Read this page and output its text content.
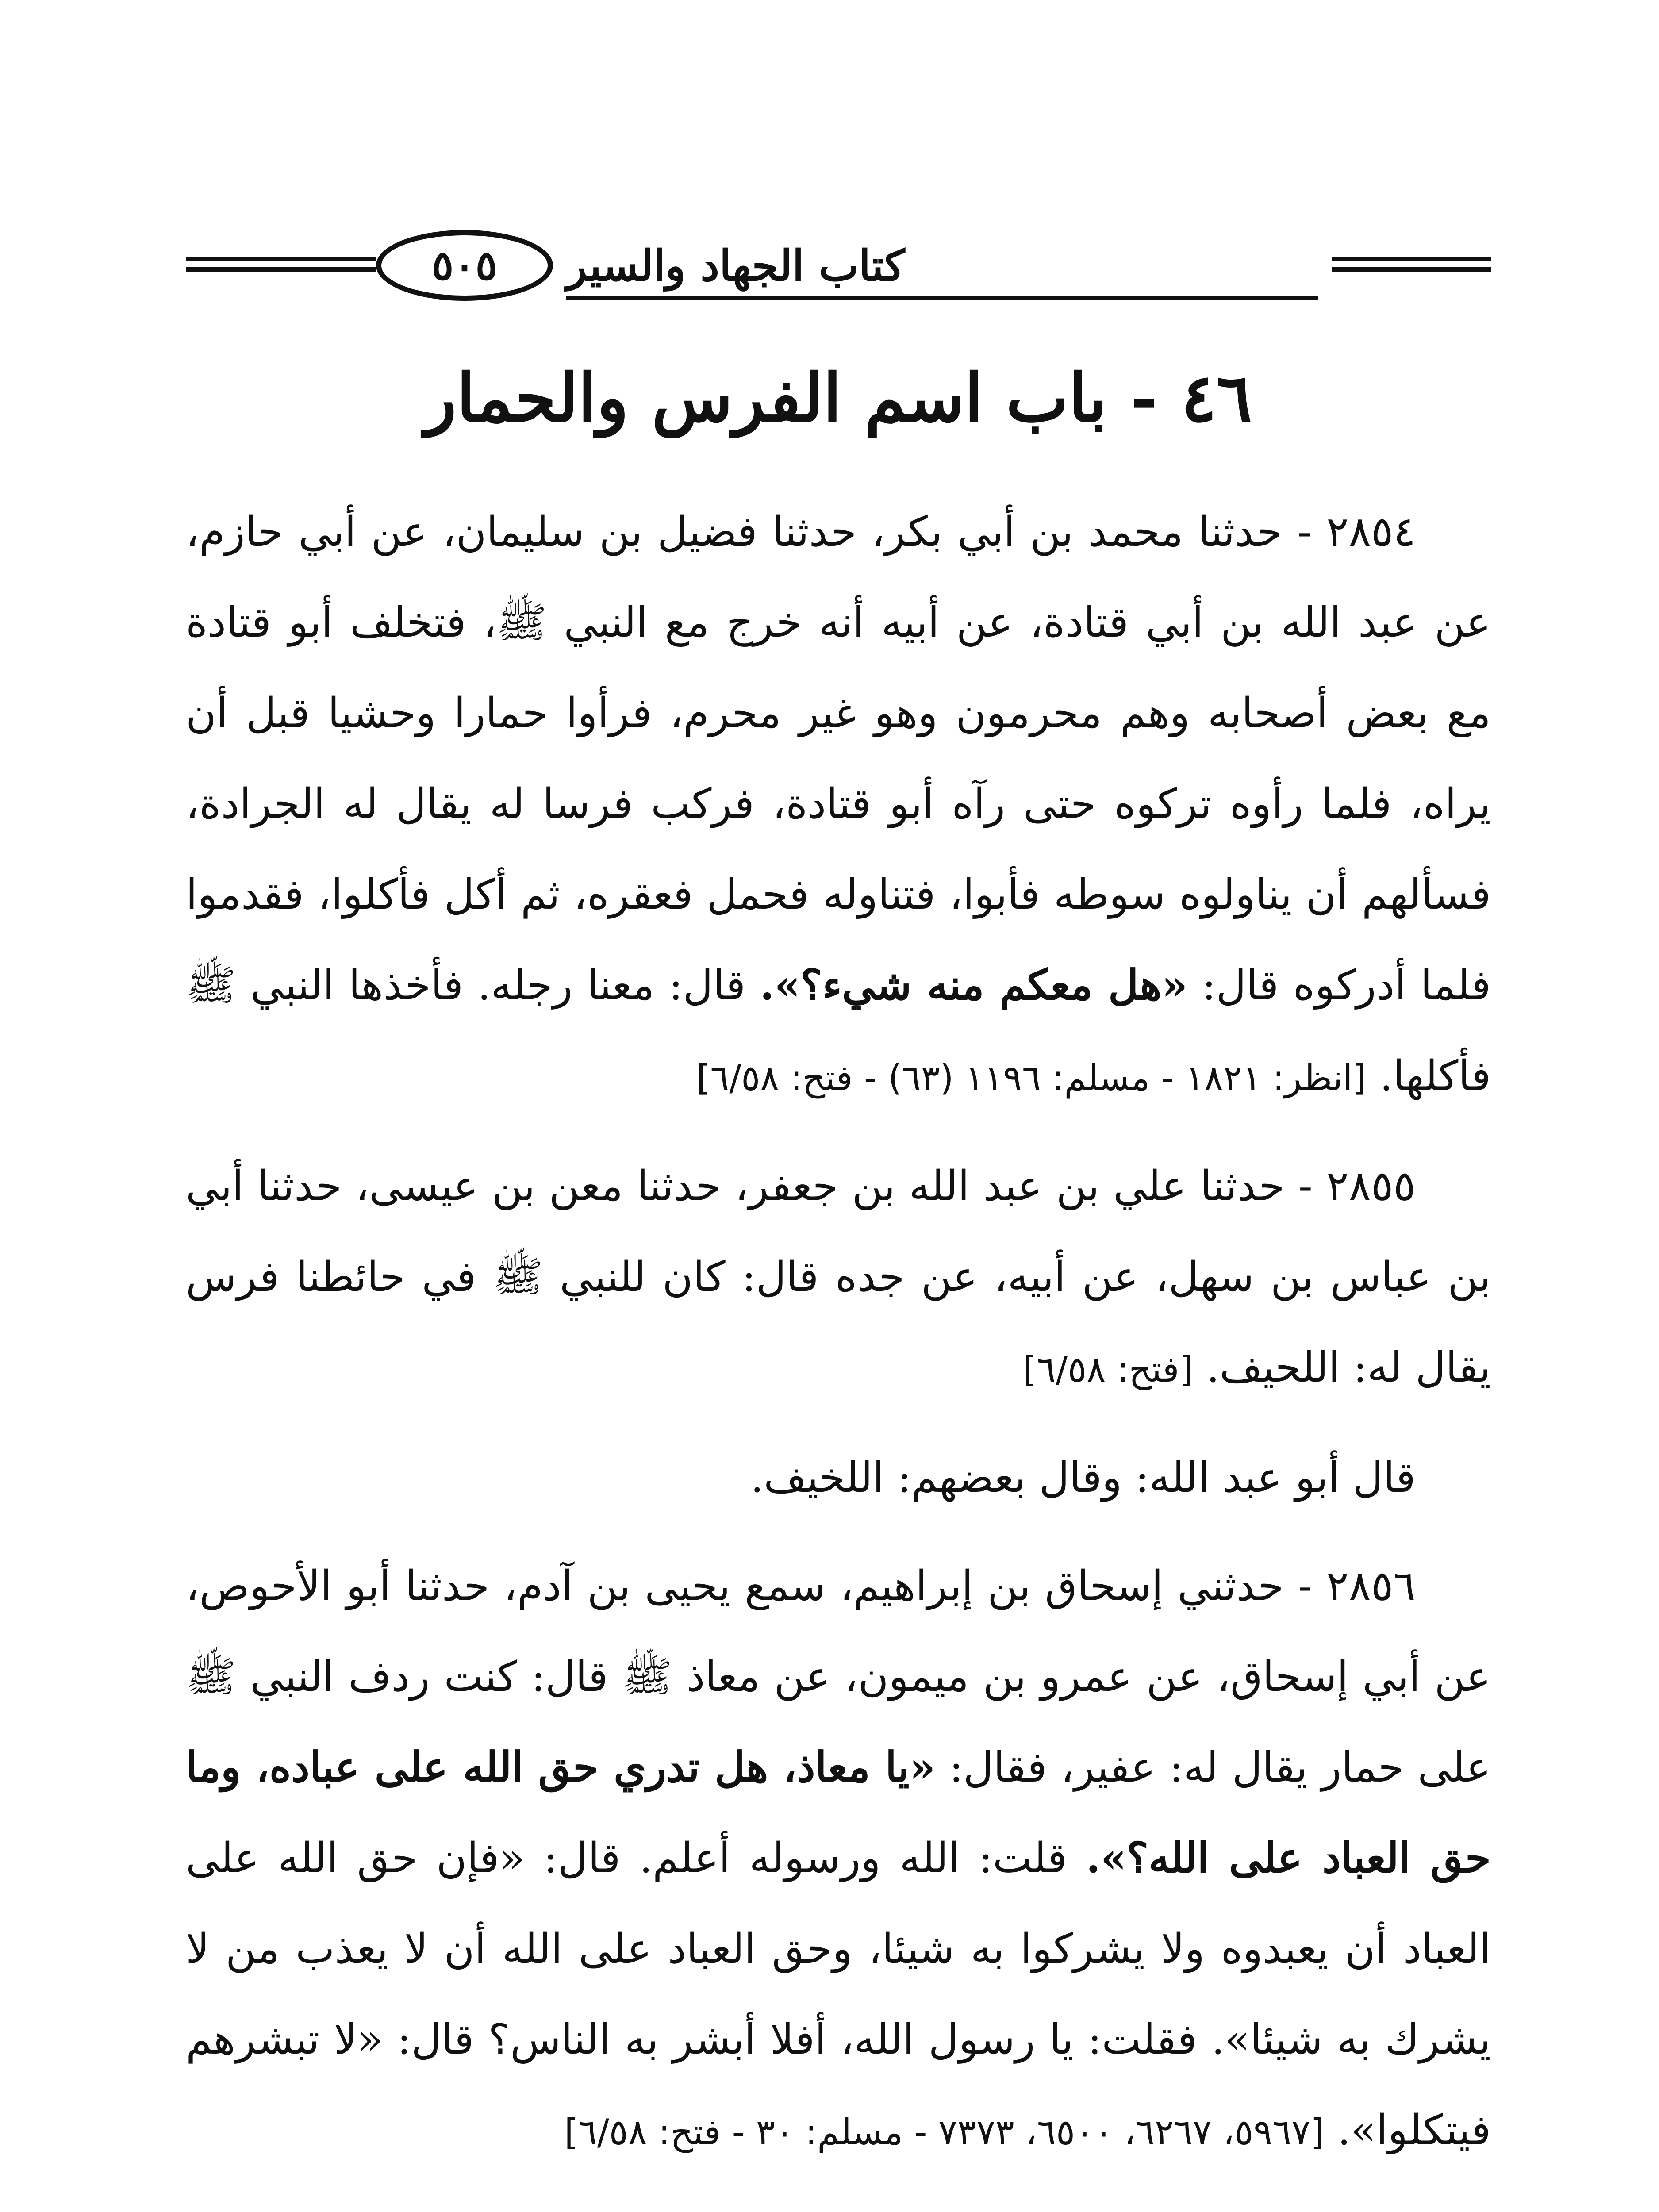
٥٠٥ كتاب الجهاد والسير
٤٦ - باب اسم الفرس والحمار

٢٨٥٤ - حدثنا محمد بن أبي بكر، حدثنا فضيل بن سليمان، عن أبي حازم، عن عبد الله بن أبي قتادة، عن أبيه أنه خرج مع النبي ﷺ، فتخلف أبو قتادة مع بعض أصحابه وهم محرمون وهو غير محرم، فرأوا حمارا وحشيا قبل أن يراه، فلما رأوه تركوه حتى رآه أبو قتادة، فركب فرسا له يقال له الجرادة، فسألهم أن يناولوه سوطه فأبوا، فتناوله فحمل فعقره، ثم أكل فأكلوا، فقدموا فلما أدركوه قال: «هل معكم منه شيء؟». قال: معنا رجله. فأخذها النبي ﷺ فأكلها. [انظر: ١٨٢١ - مسلم: ١١٩٦ (٦٣) - فتح: ٦/٥٨]

٢٨٥٥ - حدثنا علي بن عبد الله بن جعفر، حدثنا معن بن عيسى، حدثنا أبي بن عباس بن سهل، عن أبيه، عن جده قال: كان للنبي ﷺ في حائطنا فرس يقال له: اللحيف. [فتح: ٦/٥٨]

قال أبو عبد الله: وقال بعضهم: اللخيف.

٢٨٥٦ - حدثني إسحاق بن إبراهيم، سمع يحيى بن آدم، حدثنا أبو الأحوص، عن أبي إسحاق، عن عمرو بن ميمون، عن معاذ ﷺ قال: كنت ردف النبي ﷺ على حمار يقال له: عفير، فقال: «يا معاذ، هل تدري حق الله على عباده، وما حق العباد على الله؟». قلت: الله ورسوله أعلم. قال: «فإن حق الله على العباد أن يعبدوه ولا يشركوا به شيئا، وحق العباد على الله أن لا يعذب من لا يشرك به شيئا». فقلت: يا رسول الله، أفلا أبشر به الناس؟ قال: «لا تبشرهم فيتكلوا». [٥٩٦٧، ٦٢٦٧، ٦٥٠٠، ٧٣٧٣ - مسلم: ٣٠ - فتح: ٦/٥٨]
